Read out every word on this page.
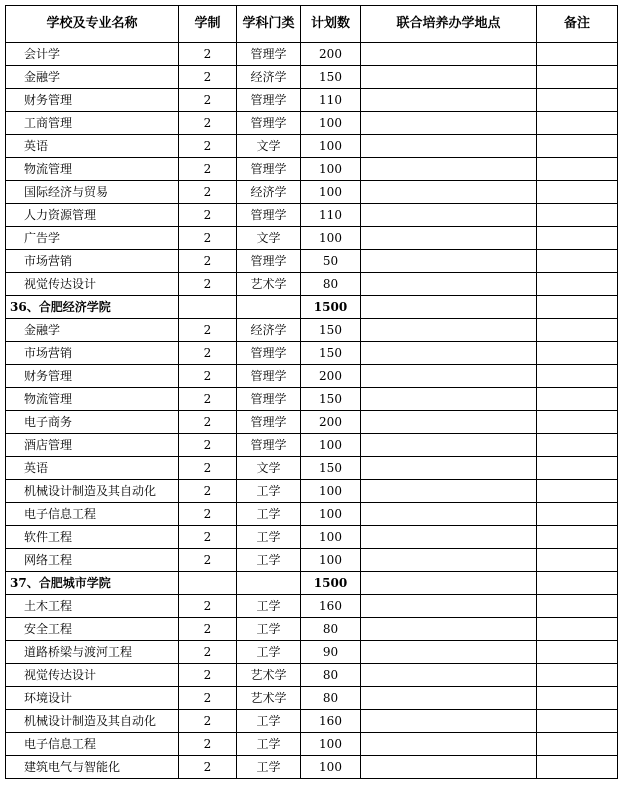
学校及专业名称	学制	学科门类	计划数	联合培养办学地点	备注
会计学	2	管理学	200		
金融学	2	经济学	150		
财务管理	2	管理学	110		
工商管理	2	管理学	100		
英语	2	文学	100		
物流管理	2	管理学	100		
国际经济与贸易	2	经济学	100		
人力资源管理	2	管理学	110		
广告学	2	文学	100		
市场营销	2	管理学	50		
视觉传达设计	2	艺术学	80		
36、合肥经济学院			1500		
金融学	2	经济学	150		
市场营销	2	管理学	150		
财务管理	2	管理学	200		
物流管理	2	管理学	150		
电子商务	2	管理学	200		
酒店管理	2	管理学	100		
英语	2	文学	150		
机械设计制造及其自动化	2	工学	100		
电子信息工程	2	工学	100		
软件工程	2	工学	100		
网络工程	2	工学	100		
37、合肥城市学院			1500		
土木工程	2	工学	160		
安全工程	2	工学	80		
道路桥梁与渡河工程	2	工学	90		
视觉传达设计	2	艺术学	80		
环境设计	2	艺术学	80		
机械设计制造及其自动化	2	工学	160		
电子信息工程	2	工学	100		
建筑电气与智能化	2	工学	100		
